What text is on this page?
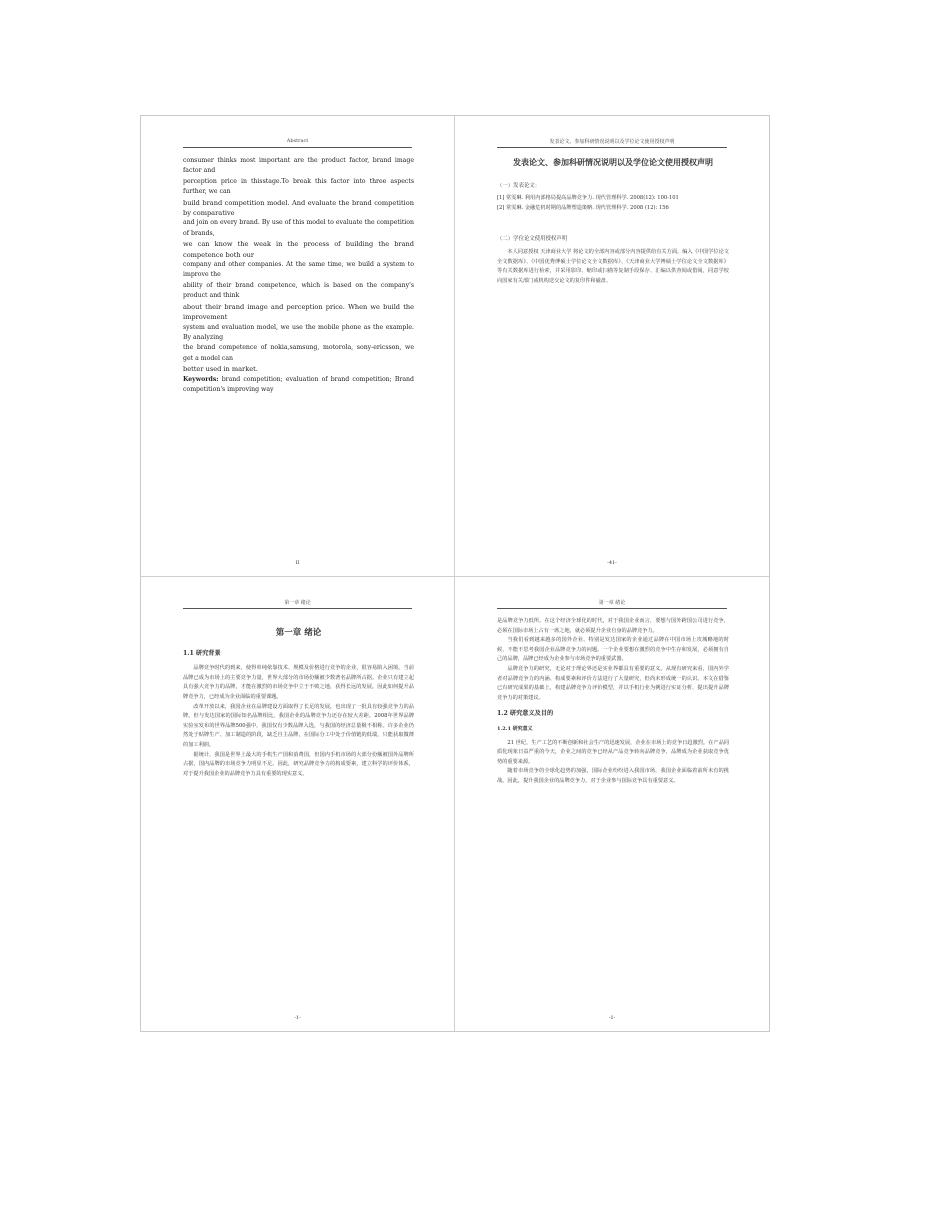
Abstract

consumer thinks most important are the product factor, brand image factor and

perception price in thisstage.To break this factor into three aspects further, we can

build brand competition model. And evaluate the brand competition by comparative

and join on every brand. By use of this model to evaluate the competition of brands,

we can know the weak in the process of building the brand competence both our

company and other companies. At the same time, we build a system to improve the

ability of their brand competence, which is based on the company's product and think

about their brand image and perception price. When we build the improvement

system and evaluation model, we use the mobile phone as the example. By analyzing

the brand competence of nokia,samsung, motorola, sony-ericsson, we get a model can

better used in market.

Keywords: brand competition; evaluation of brand competition; Brand competition's improving way

II
发表论文、参加科研情况说明以及学位论文使用授权声明
发表论文、参加科研情况说明以及学位论文使用授权声明
（一）发表论文：

[1] 常雯琳. 利用内部格局提高品牌竞争力. 现代管理科学. 2008(12): 100-101

[2] 常雯琳. 金融危机时期的品牌塑造策略. 现代管理科学. 2008 (12): 156

（二）学位论文使用授权声明

本人同意授权 天津商业大学 将论文的全部内容或部分内容提供给有关方面，编入《中国学位论文全文数据库》、《中国优秀博硕士学位论文全文数据库》、《天津商业大学博硕士学位论文全文数据库》等有关数据库进行检索，并采用影印、缩印或扫描等复制手段保存、汇编以供查阅或借阅，同意学校向国家有关部门或机构送交论文的复印件和磁盘。

-41-
第一章 绪论
第一章 绪论
1.1 研究背景

品牌竞争时代的到来，使得单纯依靠技术、规模及价格进行竞争的企业，很容易陷入困境。当前品牌已成为市场上的主要竞争力量，世界大部分的市场份额被少数著名品牌所占据。企业只有建立起具有强大竞争力的品牌，才能在激烈的市场竞争中立于不败之地，获得长远的发展。因此如何提升品牌竞争力，已经成为企业面临的重要课题。

改革开放以来，我国企业在品牌建设方面取得了长足的发展，也出现了一批具有较强竞争力的品牌。但与发达国家的国际知名品牌相比，我国企业的品牌竞争力还存在较大差距。2008年世界品牌实验室发布的世界品牌500强中，我国仅有少数品牌入选，与我国的经济总量极不相称。许多企业仍然处于贴牌生产、加工制造的阶段，缺乏自主品牌，在国际分工中处于价值链的低端，只能获取微薄的加工利润。

据统计，我国是世界上最大的手机生产国和消费国，但国内手机市场的大部分份额被国外品牌所占据，国内品牌的市场竞争力明显不足。因此，研究品牌竞争力的构成要素，建立科学的评价体系，对于提升我国企业的品牌竞争力具有重要的现实意义。

-1-
第一章 绪论

是品牌竞争力低所。在这个经济全球化的时代，对于我国企业而言，要想与国外跨国公司进行竞争，必须在国际市场上占有一席之地，就必须提升企业自身的品牌竞争力。

当我们看到越来越多的国外企业、特别是发达国家的企业通过品牌在中国市场上攻城略地的时候，不能不思考我国企业品牌竞争力的问题。一个企业要想在激烈的竞争中生存和发展，必须拥有自己的品牌，品牌已经成为企业参与市场竞争的重要武器。

品牌竞争力的研究，无论对于理论界还是实业界都具有重要的意义。从现有研究来看，国内外学者对品牌竞争力的内涵、构成要素和评价方法进行了大量研究，但尚未形成统一的认识。本文在借鉴已有研究成果的基础上，构建品牌竞争力评价模型，并以手机行业为例进行实证分析，提出提升品牌竞争力的对策建议。

1.2 研究意义及目的
1.2.1 研究意义

21 世纪，生产工艺的不断创新和社会生产的迅速发展，企业在市场上的竞争日趋激烈。在产品同质化现象日益严重的今天，企业之间的竞争已经从产品竞争转向品牌竞争，品牌成为企业获取竞争优势的重要来源。

随着市场竞争的全球化趋势的加强，国际企业纷纷进入我国市场，我国企业面临着前所未有的挑战。因此，提升我国企业的品牌竞争力，对于企业参与国际竞争具有重要意义。

-1-
